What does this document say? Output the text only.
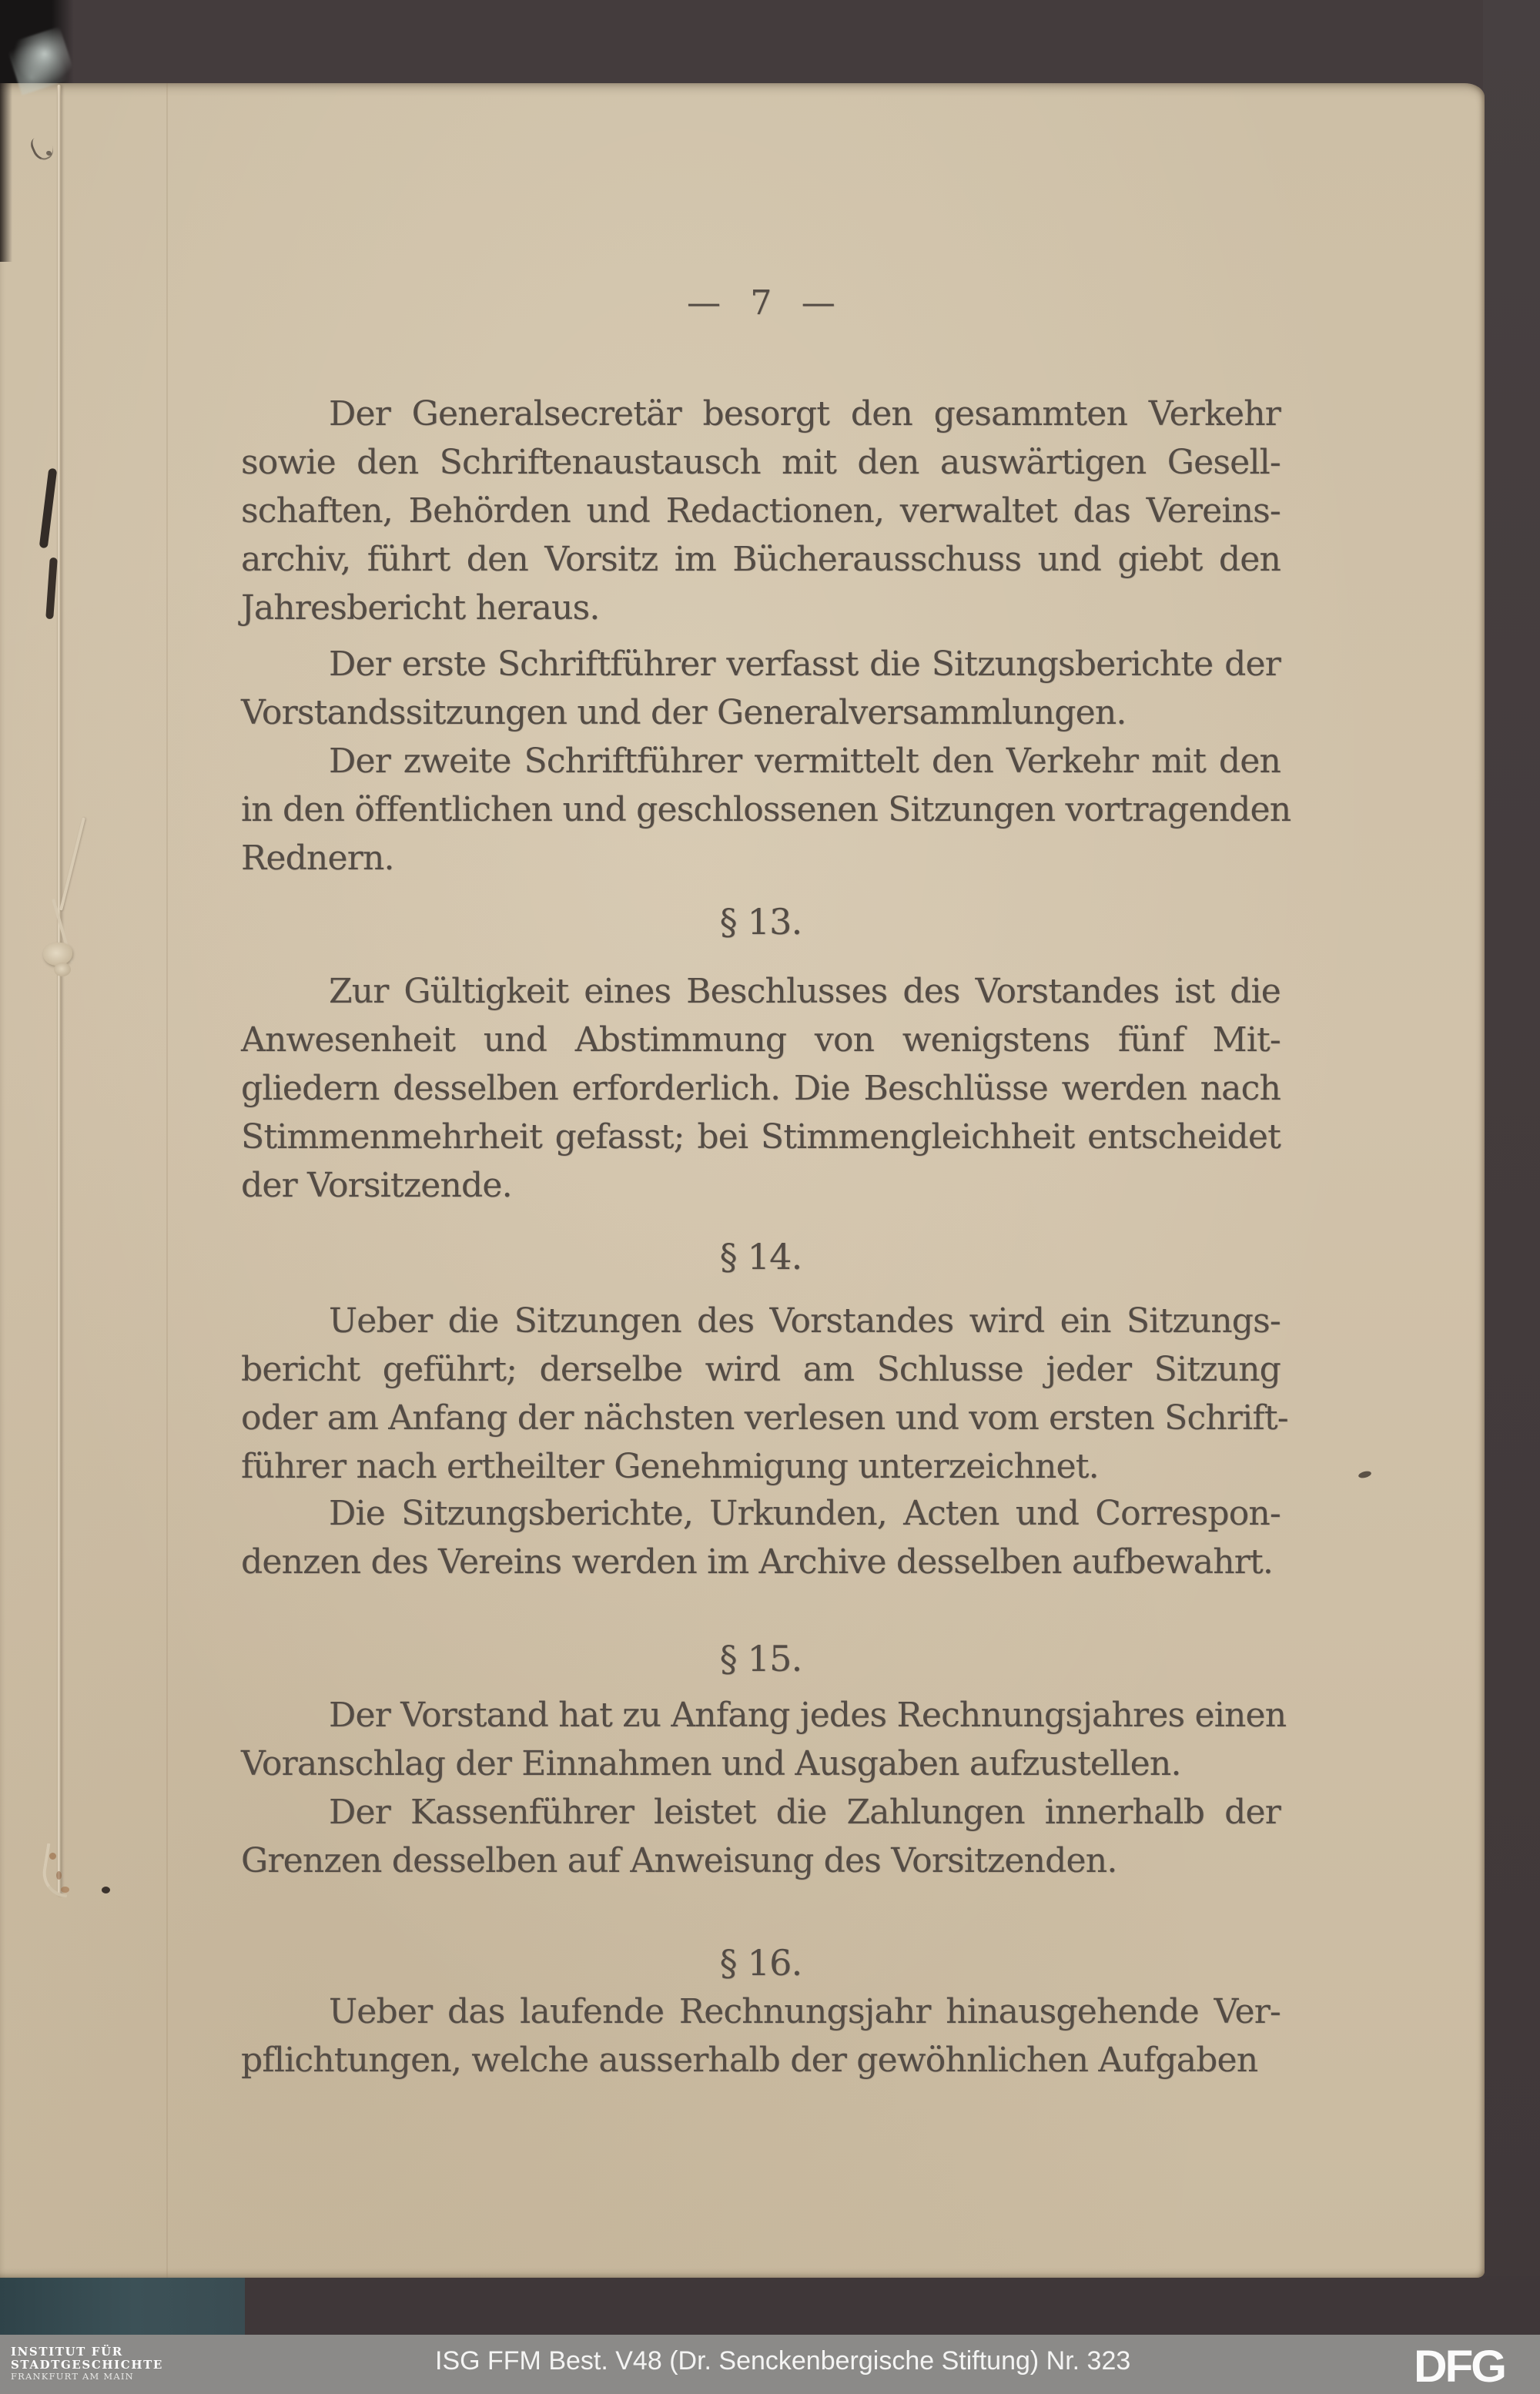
— 7 —
Der Generalsecretär besorgt den gesammten Verkehr
sowie den Schriftenaustausch mit den auswärtigen Gesell-
schaften, Behörden und Redactionen, verwaltet das Vereins-
archiv, führt den Vorsitz im Bücherausschuss und giebt den
Jahresbericht heraus.
Der erste Schriftführer verfasst die Sitzungsberichte der
Vorstandssitzungen und der Generalversammlungen.
Der zweite Schriftführer vermittelt den Verkehr mit den
in den öffentlichen und geschlossenen Sitzungen vortragenden
Rednern.
§ 13.
Zur Gültigkeit eines Beschlusses des Vorstandes ist die
Anwesenheit und Abstimmung von wenigstens fünf Mit-
gliedern desselben erforderlich. Die Beschlüsse werden nach
Stimmenmehrheit gefasst; bei Stimmengleichheit entscheidet
der Vorsitzende.
§ 14.
Ueber die Sitzungen des Vorstandes wird ein Sitzungs-
bericht geführt; derselbe wird am Schlusse jeder Sitzung
oder am Anfang der nächsten verlesen und vom ersten Schrift-
führer nach ertheilter Genehmigung unterzeichnet.
Die Sitzungsberichte, Urkunden, Acten und Correspon-
denzen des Vereins werden im Archive desselben aufbewahrt.
§ 15.
Der Vorstand hat zu Anfang jedes Rechnungsjahres einen
Voranschlag der Einnahmen und Ausgaben aufzustellen.
Der Kassenführer leistet die Zahlungen innerhalb der
Grenzen desselben auf Anweisung des Vorsitzenden.
§ 16.
Ueber das laufende Rechnungsjahr hinausgehende Ver-
pflichtungen, welche ausserhalb der gewöhnlichen Aufgaben
INSTITUT FÜR
STADTGESCHICHTE
FRANKFURT AM MAIN
ISG FFM Best. V48 (Dr. Senckenbergische Stiftung) Nr. 323	DFG
